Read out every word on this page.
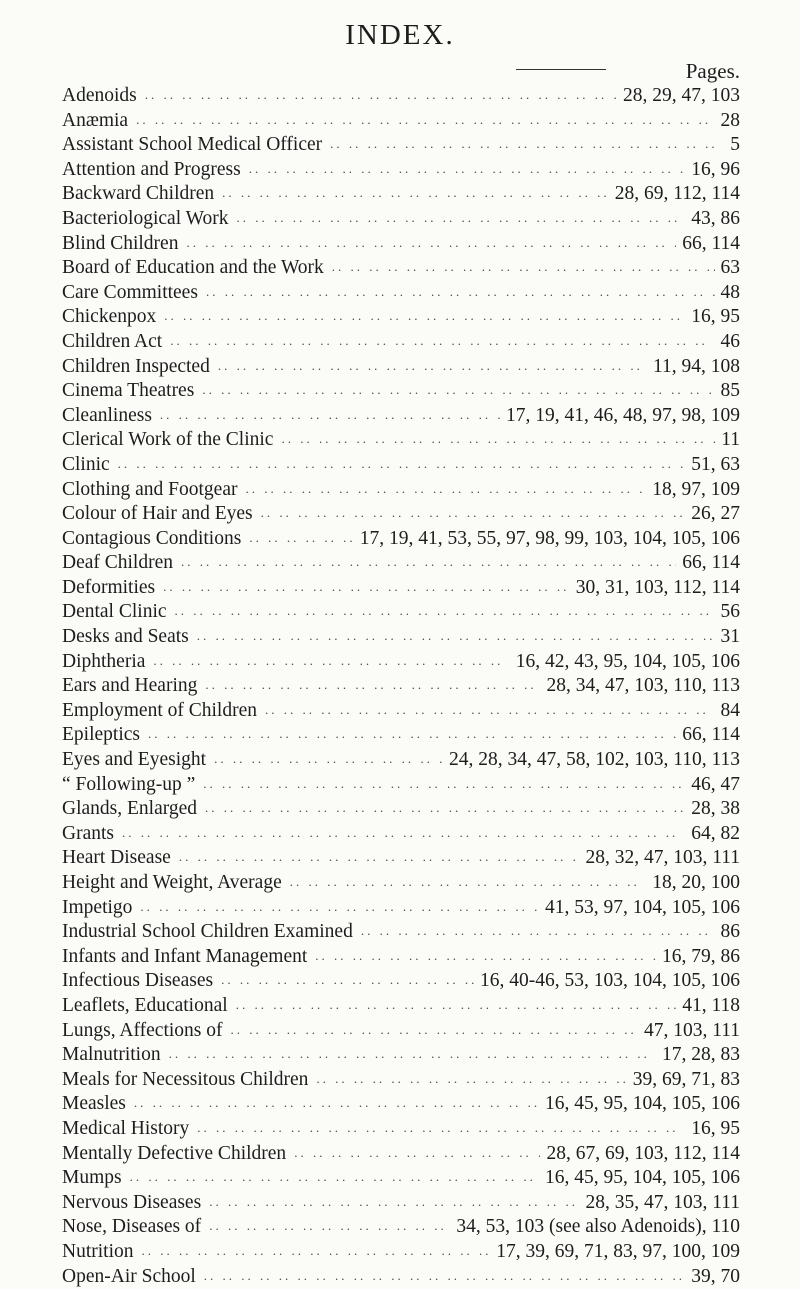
INDEX.
Pages.
Adenoids .. ..	28, 29, 47, 103
Anæmia .. ..	28
Assistant School Medical Officer .. ..	5
Attention and Progress .. ..	16, 96
Backward Children .. ..	28, 69, 112, 114
Bacteriological Work .. ..	43, 86
Blind Children .. ..	66, 114
Board of Education and the Work .. ..	63
Care Committees .. ..	48
Chickenpox .. ..	16, 95
Children Act .. ..	46
Children Inspected .. ..	11, 94, 108
Cinema Theatres .. ..	85
Cleanliness .. ..	17, 19, 41, 46, 48, 97, 98, 109
Clerical Work of the Clinic .. ..	11
Clinic .. ..	51, 63
Clothing and Footgear .. ..	18, 97, 109
Colour of Hair and Eyes .. ..	26, 27
Contagious Conditions .. ..	17, 19, 41, 53, 55, 97, 98, 99, 103, 104, 105, 106
Deaf Children .. ..	66, 114
Deformities .. ..	30, 31, 103, 112, 114
Dental Clinic .. ..	56
Desks and Seats .. ..	31
Diphtheria .. ..	16, 42, 43, 95, 104, 105, 106
Ears and Hearing .. ..	28, 34, 47, 103, 110, 113
Employment of Children .. ..	84
Epileptics .. ..	66, 114
Eyes and Eyesight .. ..	24, 28, 34, 47, 58, 102, 103, 110, 113
“ Following-up ” .. ..	46, 47
Glands, Enlarged .. ..	28, 38
Grants .. ..	64, 82
Heart Disease .. ..	28, 32, 47, 103, 111
Height and Weight, Average .. ..	18, 20, 100
Impetigo .. ..	41, 53, 97, 104, 105, 106
Industrial School Children Examined .. ..	86
Infants and Infant Management .. ..	16, 79, 86
Infectious Diseases .. ..	16, 40-46, 53, 103, 104, 105, 106
Leaflets, Educational .. ..	41, 118
Lungs, Affections of .. ..	47, 103, 111
Malnutrition .. ..	17, 28, 83
Meals for Necessitous Children .. ..	39, 69, 71, 83
Measles .. ..	16, 45, 95, 104, 105, 106
Medical History .. ..	16, 95
Mentally Defective Children .. ..	28, 67, 69, 103, 112, 114
Mumps .. ..	16, 45, 95, 104, 105, 106
Nervous Diseases .. ..	28, 35, 47, 103, 111
Nose, Diseases of .. ..	34, 53, 103 (see also Adenoids), 110
Nutrition .. ..	17, 39, 69, 71, 83, 97, 100, 109
Open-Air School .. ..	39, 70
